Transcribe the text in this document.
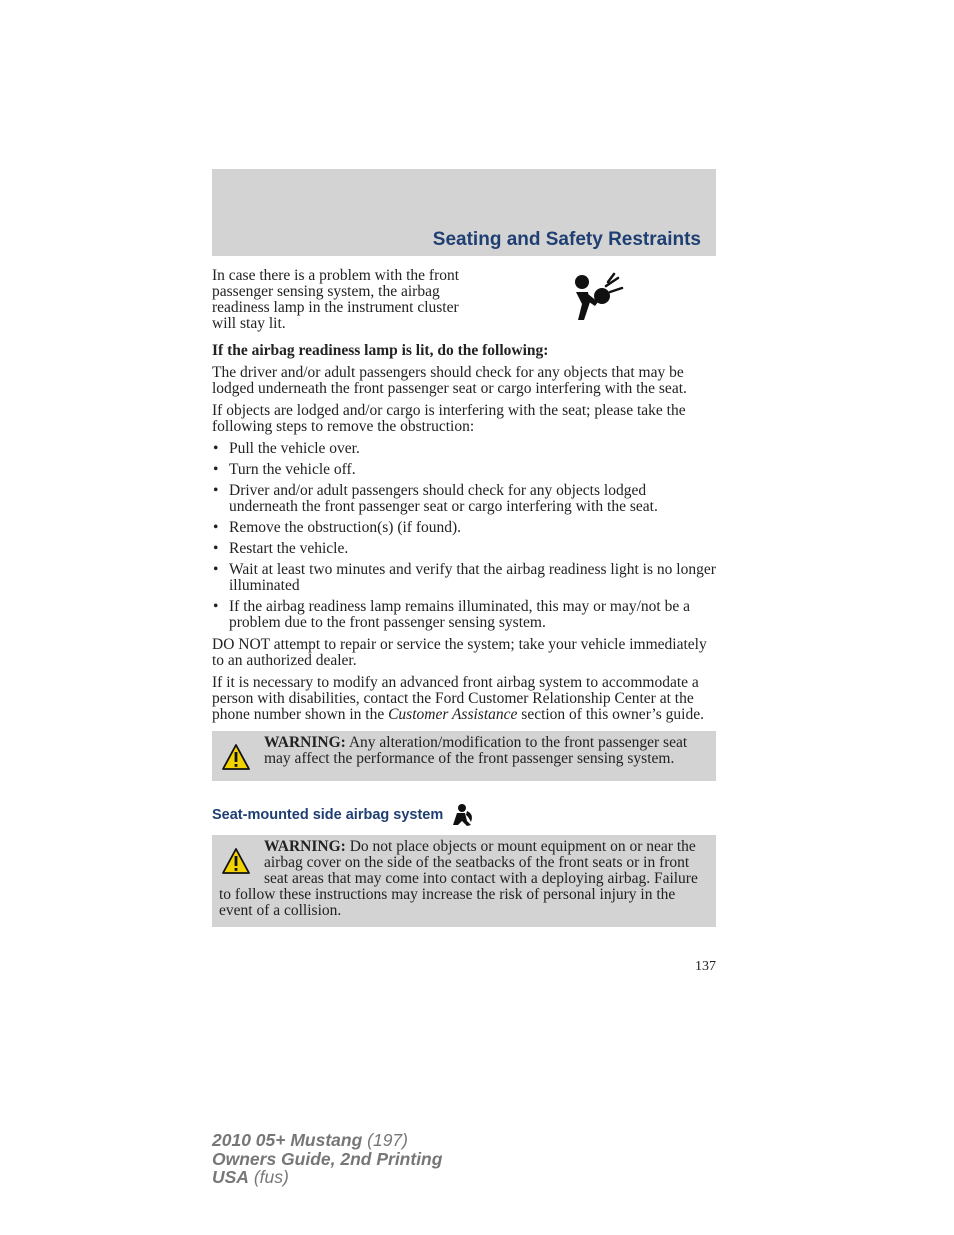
Seating and Safety Restraints

In case there is a problem with the front passenger sensing system, the airbag readiness lamp in the instrument cluster will stay lit.

If the airbag readiness lamp is lit, do the following:

The driver and/or adult passengers should check for any objects that may be lodged underneath the front passenger seat or cargo interfering with the seat.

If objects are lodged and/or cargo is interfering with the seat; please take the following steps to remove the obstruction:

• Pull the vehicle over.
• Turn the vehicle off.
• Driver and/or adult passengers should check for any objects lodged underneath the front passenger seat or cargo interfering with the seat.
• Remove the obstruction(s) (if found).
• Restart the vehicle.
• Wait at least two minutes and verify that the airbag readiness light is no longer illuminated
• If the airbag readiness lamp remains illuminated, this may or may/not be a problem due to the front passenger sensing system.

DO NOT attempt to repair or service the system; take your vehicle immediately to an authorized dealer.

If it is necessary to modify an advanced front airbag system to accommodate a person with disabilities, contact the Ford Customer Relationship Center at the phone number shown in the Customer Assistance section of this owner’s guide.

WARNING: Any alteration/modification to the front passenger seat may affect the performance of the front passenger sensing system.

Seat-mounted side airbag system

WARNING: Do not place objects or mount equipment on or near the airbag cover on the side of the seatbacks of the front seats or in front seat areas that may come into contact with a deploying airbag. Failure to follow these instructions may increase the risk of personal injury in the event of a collision.

137
2010 05+ Mustang (197)
Owners Guide, 2nd Printing
USA (fus)
